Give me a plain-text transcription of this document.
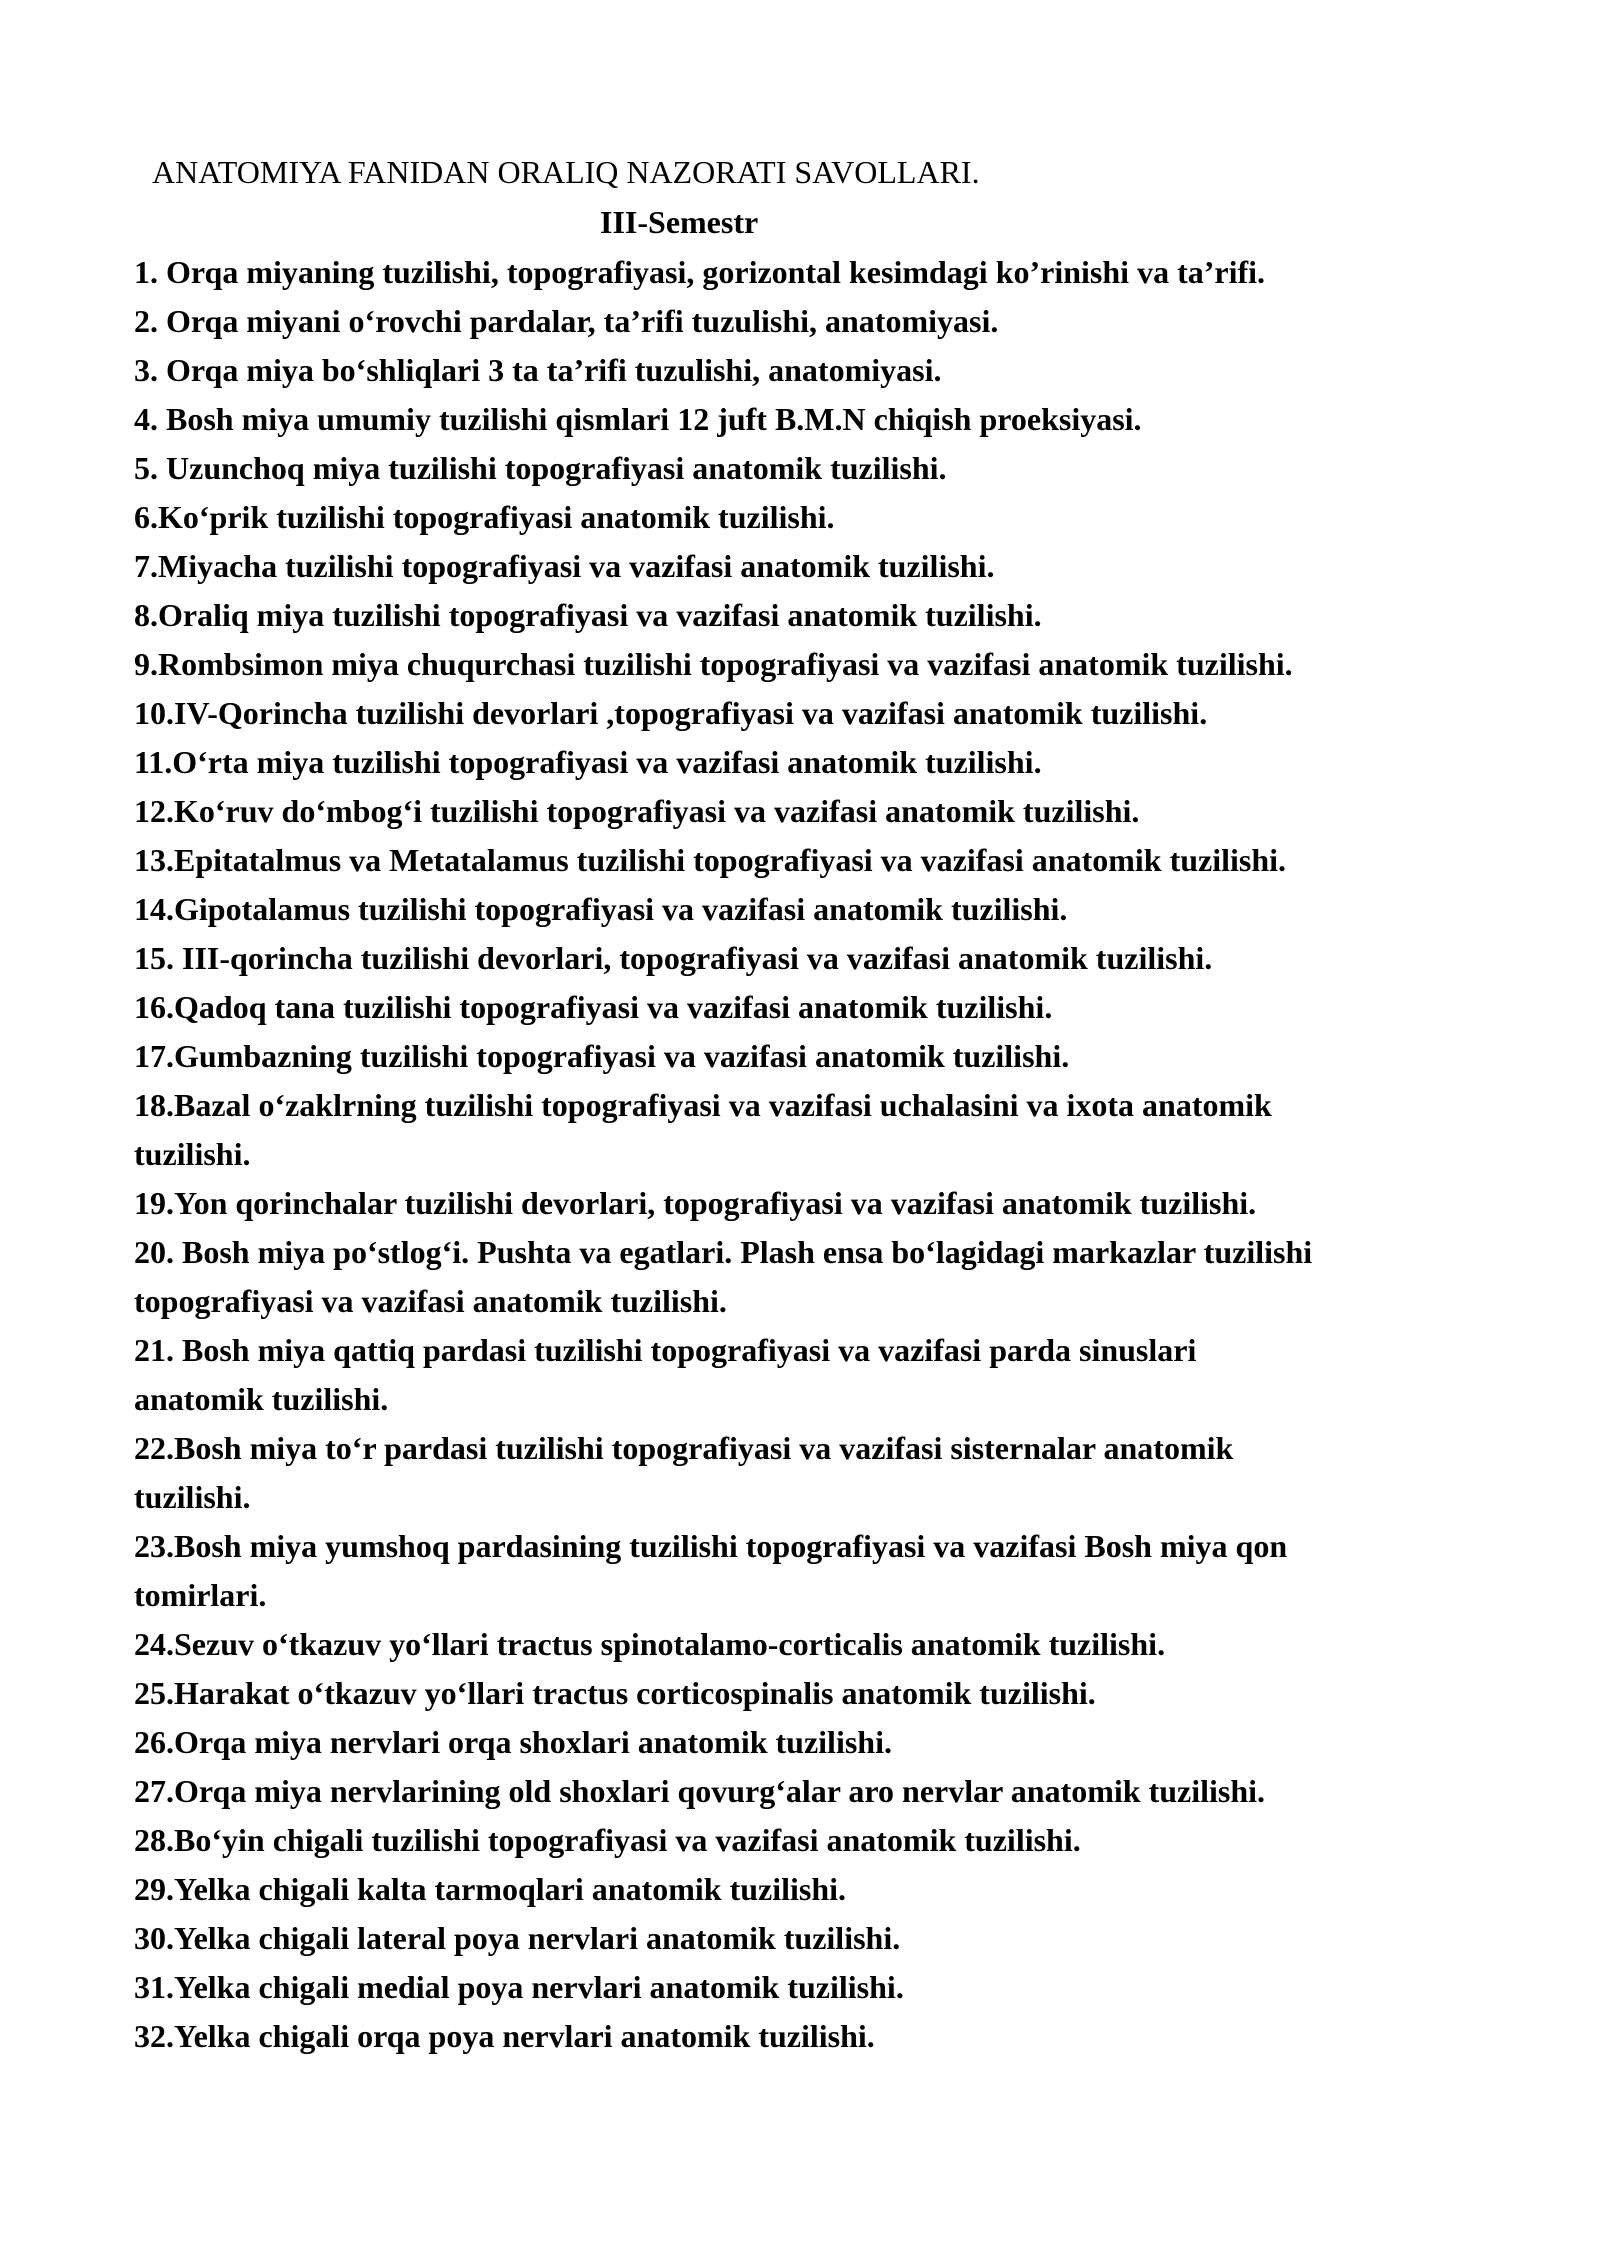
ANATOMIYA FANIDAN ORALIQ NAZORATI SAVOLLARI.
III-Semestr
1. Orqa miyaning tuzilishi, topografiyasi, gorizontal kesimdagi ko’rinishi va ta’rifi.
2. Orqa miyani o‘rovchi pardalar, ta’rifi tuzulishi, anatomiyasi.
3. Orqa miya bo‘shliqlari 3 ta ta’rifi tuzulishi, anatomiyasi.
4. Bosh miya umumiy tuzilishi qismlari 12 juft B.M.N chiqish proeksiyasi.
5. Uzunchoq miya tuzilishi topografiyasi anatomik tuzilishi.
6.Ko‘prik tuzilishi topografiyasi anatomik tuzilishi.
7.Miyacha tuzilishi topografiyasi va vazifasi anatomik tuzilishi.
8.Oraliq miya tuzilishi topografiyasi va vazifasi anatomik tuzilishi.
9.Rombsimon miya chuqurchasi tuzilishi topografiyasi va vazifasi anatomik tuzilishi.
10.IV-Qorincha tuzilishi devorlari ,topografiyasi va vazifasi anatomik tuzilishi.
11.O‘rta miya tuzilishi topografiyasi va vazifasi anatomik tuzilishi.
12.Ko‘ruv do‘mbog‘i tuzilishi topografiyasi va vazifasi anatomik tuzilishi.
13.Epitatalmus va Metatalamus tuzilishi topografiyasi va vazifasi anatomik tuzilishi.
14.Gipotalamus tuzilishi topografiyasi va vazifasi anatomik tuzilishi.
15. III-qorincha tuzilishi devorlari, topografiyasi va vazifasi anatomik tuzilishi.
16.Qadoq tana tuzilishi topografiyasi va vazifasi anatomik tuzilishi.
17.Gumbazning tuzilishi topografiyasi va vazifasi anatomik tuzilishi.
18.Bazal o‘zaklrning tuzilishi topografiyasi va vazifasi uchalasini va ixota anatomik
tuzilishi.
19.Yon qorinchalar tuzilishi devorlari, topografiyasi va vazifasi anatomik tuzilishi.
20. Bosh miya po‘stlog‘i. Pushta va egatlari. Plash ensa bo‘lagidagi markazlar tuzilishi
topografiyasi va vazifasi anatomik tuzilishi.
21. Bosh miya qattiq pardasi tuzilishi topografiyasi va vazifasi parda sinuslari
anatomik tuzilishi.
22.Bosh miya to‘r pardasi tuzilishi topografiyasi va vazifasi sisternalar anatomik
tuzilishi.
23.Bosh miya yumshoq pardasining tuzilishi topografiyasi va vazifasi Bosh miya qon
tomirlari.
24.Sezuv o‘tkazuv yo‘llari tractus spinotalamo-corticalis anatomik tuzilishi.
25.Harakat o‘tkazuv yo‘llari tractus corticospinalis anatomik tuzilishi.
26.Orqa miya nervlari orqa shoxlari anatomik tuzilishi.
27.Orqa miya nervlarining old shoxlari qovurg‘alar aro nervlar anatomik tuzilishi.
28.Bo‘yin chigali tuzilishi topografiyasi va vazifasi anatomik tuzilishi.
29.Yelka chigali kalta tarmoqlari anatomik tuzilishi.
30.Yelka chigali lateral poya nervlari anatomik tuzilishi.
31.Yelka chigali medial poya nervlari anatomik tuzilishi.
32.Yelka chigali orqa poya nervlari anatomik tuzilishi.
